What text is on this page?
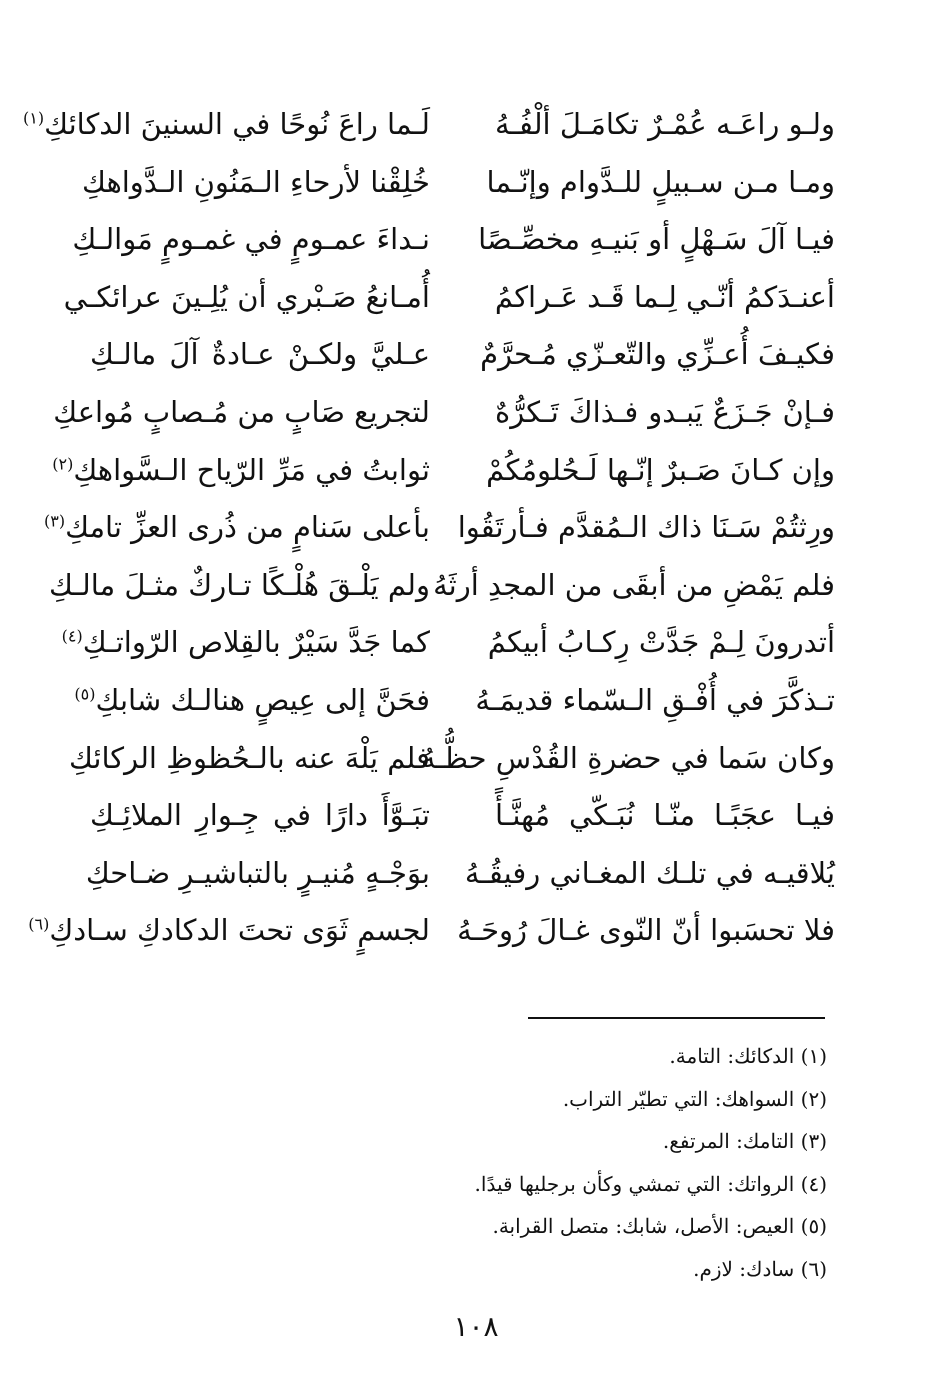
ولـو راعَـه عُمْـرٌ تكامَـلَ ألْفُـهُ
لَـما راعَ نُوحًا في السنينَ الدكائكِ$^{(١)}$
ومـا مـن سـبيلٍ للـدَّوام وإنّـما
خُلِقْنا لأرحاءِ الـمَنُونِ الـدَّواهكِ
فيـا آلَ سَـهْلٍ أو بَنيـهِ مخصِّـصًا
نـداءَ عمـومٍ في غمـومٍ مَوالـكِ
أعنـدَكمُ أنّـي لِـما قَـد عَـراكمُ
أُمـانعُ صَـبْري أن يُلِـينَ عرائكـي
فكيـفَ أُعـزِّي والتّعـزّي مُـحرَّمٌ
عـليَّ ولكـنْ عـادةٌ آلَ مالـكِ
فـإنْ جَـزَعٌ يَبـدو فـذاكَ تَـكرُّهٌ
لتجريع صَابٍ من مُـصابٍ مُواعكِ
وإن كـانَ صَـبرٌ إنّـها لَـحُلومُكُمْ
ثوابتُ في مَرِّ الرّياح الـسَّواهكِ$^{(٢)}$
ورِثتُمْ سَـنَا ذاك الـمُقدَّم فـأرتَقُوا
بأعلى سَنامٍ من ذُرى العزِّ تامكِ$^{(٣)}$
فلم يَمْضِ من أبقَى من المجدِ أرثَهُ
ولم يَلْـقَ هُلْـكًا تـاركٌ مثـلَ مالـكِ
أتدرونَ لِـمْ جَدَّتْ رِكـابُ أبيكمُ
كما جَدَّ سَيْرٌ بالقِلاص الرّواتـكِ$^{(٤)}$
تـذكَّرَ في أُفْـقِ الـسّماء قديمَـهُ
فحَنَّ إلى عِيصٍ هنالـك شابكِ$^{(٥)}$
وكان سَما في حضرةِ القُدْسِ حظُّـهُ
فلم يَلْهَ عنه بالـحُظوظِ الركائكِ
فيـا عجَبًـا منّـا نُبَـكّي مُهنَّـأً
تبَـوَّأَ دارًا في جِـوارِ الملائِـكِ
يُلاقيـه في تلـك المغـاني رفيقُـهُ
بوَجْـهٍ مُنيـرٍ بالتباشيـرِ ضـاحكِ
فلا تحسَبوا أنّ النّوى غـالَ رُوحَـهُ
لجسمٍ ثَوَى تحتَ الدكادكِ سـادكِ$^{(٦)}$
(١) الدكائك: التامة.
(٢) السواهك: التي تطيّر التراب.
(٣) التامك: المرتفع.
(٤) الرواتك: التي تمشي وكأن برجليها قيدًا.
(٥) العيص: الأصل، شابك: متصل القرابة.
(٦) سادك: لازم.
١٠٨
